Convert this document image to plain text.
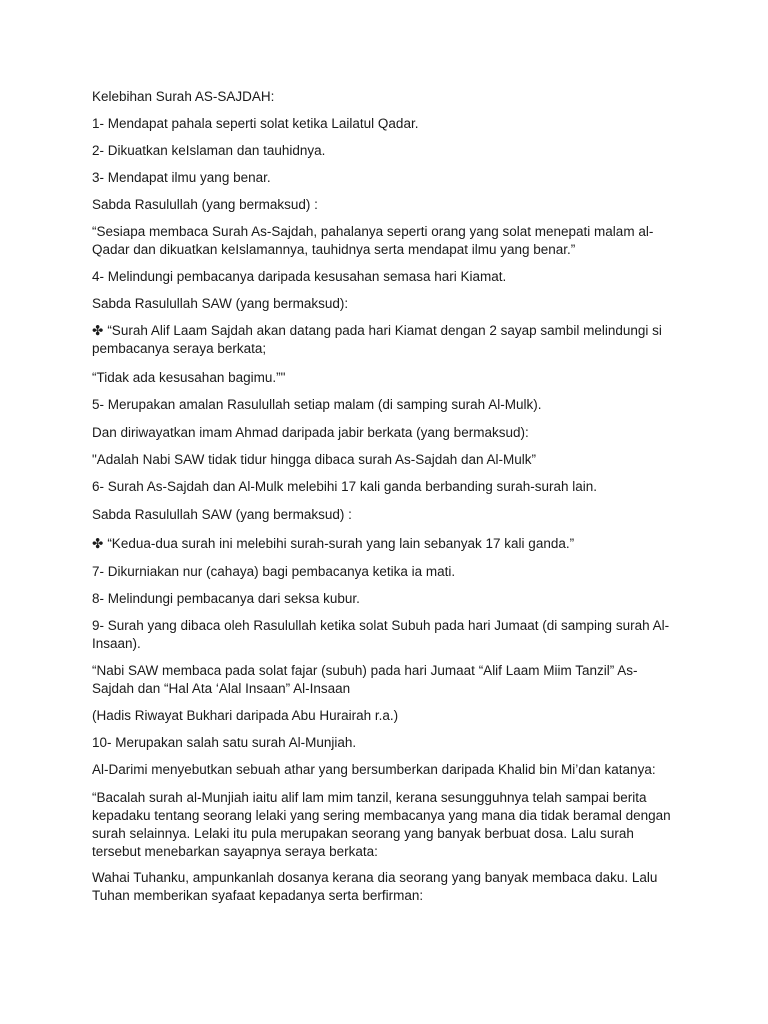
Kelebihan Surah AS-SAJDAH:

1- Mendapat pahala seperti solat ketika Lailatul Qadar.

2- Dikuatkan keIslaman dan tauhidnya.

3- Mendapat ilmu yang benar.

Sabda Rasulullah (yang bermaksud) :

“Sesiapa membaca Surah As-Sajdah, pahalanya seperti orang yang solat menepati malam al-Qadar dan dikuatkan keIslamannya, tauhidnya serta mendapat ilmu yang benar.”

4- Melindungi pembacanya daripada kesusahan semasa hari Kiamat.

Sabda Rasulullah SAW (yang bermaksud):

✤ “Surah Alif Laam Sajdah akan datang pada hari Kiamat dengan 2 sayap sambil melindungi si pembacanya seraya berkata;

“Tidak ada kesusahan bagimu.”"

5- Merupakan amalan Rasulullah setiap malam (di samping surah Al-Mulk).

Dan diriwayatkan imam Ahmad daripada jabir berkata (yang bermaksud):

"Adalah Nabi SAW tidak tidur hingga dibaca surah As-Sajdah dan Al-Mulk”

6- Surah As-Sajdah dan Al-Mulk melebihi 17 kali ganda berbanding surah-surah lain.

Sabda Rasulullah SAW (yang bermaksud) :

✤ “Kedua-dua surah ini melebihi surah-surah yang lain sebanyak 17 kali ganda.”

7- Dikurniakan nur (cahaya) bagi pembacanya ketika ia mati.

8- Melindungi pembacanya dari seksa kubur.

9- Surah yang dibaca oleh Rasulullah ketika solat Subuh pada hari Jumaat (di samping surah Al-Insaan).

“Nabi SAW membaca pada solat fajar (subuh) pada hari Jumaat “Alif Laam Miim Tanzil” As-Sajdah dan “Hal Ata ‘Alal Insaan” Al-Insaan

(Hadis Riwayat Bukhari daripada Abu Hurairah r.a.)

10- Merupakan salah satu surah Al-Munjiah.

Al-Darimi menyebutkan sebuah athar yang bersumberkan daripada Khalid bin Mi’dan katanya:

“Bacalah surah al-Munjiah iaitu alif lam mim tanzil, kerana sesungguhnya telah sampai berita kepadaku tentang seorang lelaki yang sering membacanya yang mana dia tidak beramal dengan surah selainnya. Lelaki itu pula merupakan seorang yang banyak berbuat dosa. Lalu surah tersebut menebarkan sayapnya seraya berkata:

Wahai Tuhanku, ampunkanlah dosanya kerana dia seorang yang banyak membaca daku. Lalu Tuhan memberikan syafaat kepadanya serta berfirman:
